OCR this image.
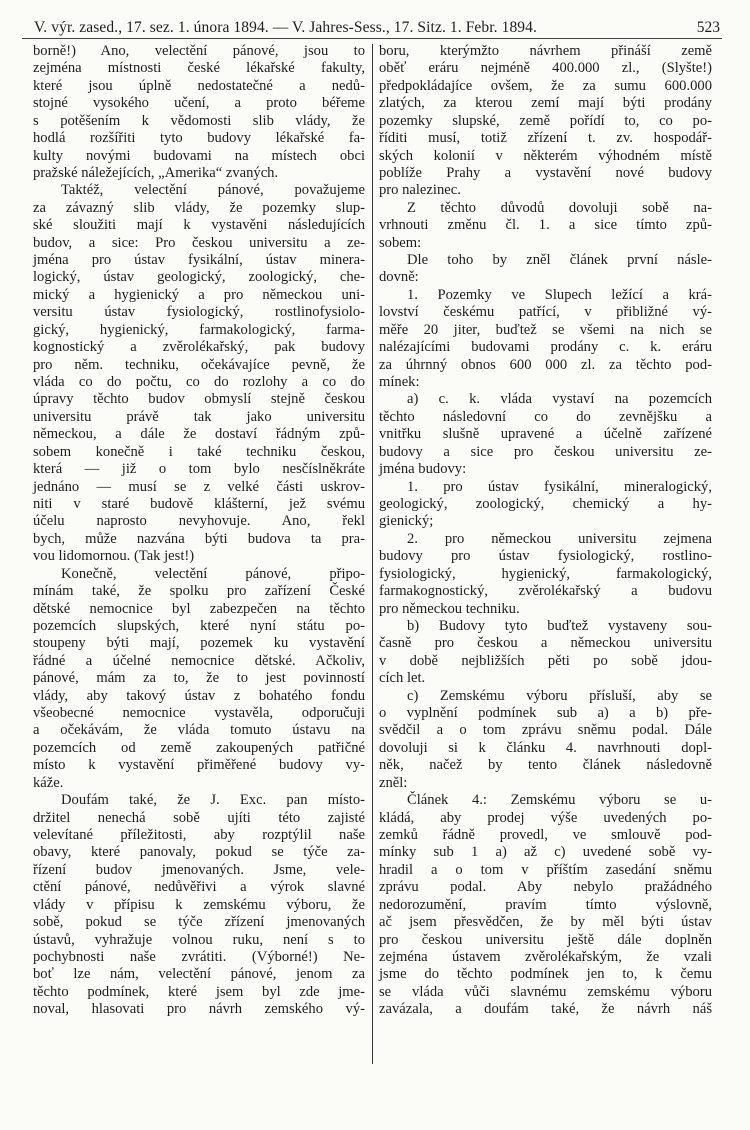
V. výr. zased., 17. sez. 1. února 1894. — V. Jahres-Sess., 17. Sitz. 1. Febr. 1894.	523
borně!) Ano, velectění pánové, jsou to
zejména místnosti české lékařské fakulty,
které jsou úplně nedostatečné a nedů-
stojné vysokého učení, a proto béřeme
s potěšením k vědomosti slib vlády, že
hodlá rozšířiti tyto budovy lékařské fa-
kulty novými budovami na místech obci
pražské náležejících, „Amerika“ zvaných.
Taktéž, velectění pánové, považujeme
za závazný slib vlády, že pozemky slup-
ské sloužiti mají k vystavěni následujících
budov, a sice: Pro českou universitu a ze-
jména pro ústav fysikální, ústav minera-
logický, ústav geologický, zoologický, che-
mický a hygienický a pro německou uni-
versitu ústav fysiologický, rostlinofysiolo-
gický, hygienický, farmakologický, farma-
kognostický a zvěrolékařský, pak budovy
pro něm. techniku, očekávajíce pevně, že
vláda co do počtu, co do rozlohy a co do
úpravy těchto budov obmyslí stejně českou
universitu právě tak jako universitu
německou, a dále že dostaví řádným způ-
sobem konečně i také techniku českou,
která — již o tom bylo nesčíslněkráte
jednáno — musí se z velké části uskrov-
niti v staré budově klášterní, jež svému
účelu naprosto nevyhovuje. Ano, řekl
bych, může nazvána býti budova ta pra-
vou lidomornou. (Tak jest!)
Konečně, velectění pánové, připo-
mínám také, že spolku pro zařízení České
dětské nemocnice byl zabezpečen na těchto
pozemcích slupských, které nyní státu po-
stoupeny býti mají, pozemek ku vystavění
řádné a účelné nemocnice dětské. Ačkoliv,
pánové, mám za to, že to jest povinností
vlády, aby takový ústav z bohatého fondu
všeobecné nemocnice vystavěla, odporučuji
a očekávám, že vláda tomuto ústavu na
pozemcích od země zakoupených patřičné
místo k vystavění přiměřené budovy vy-
káže.
Doufám také, že J. Exc. pan místo-
držitel nenechá sobě ujíti této zajisté
velevítané příležitosti, aby rozptýlil naše
obavy, které panovaly, pokud se týče za-
řízení budov jmenovaných. Jsme, vele-
ctění pánové, nedůvěřivi a výrok slavné
vlády v přípisu k zemskému výboru, že
sobě, pokud se týče zřízení jmenovaných
ústavů, vyhražuje volnou ruku, není s to
pochybnosti naše zvrátiti. (Výborné!) Ne-
boť lze nám, velectění pánové, jenom za
těchto podmínek, které jsem byl zde jme-
noval, hlasovati pro návrh zemského vý-
boru, kterýmžto návrhem přináší země
oběť eráru nejméně 400.000 zl., (Slyšte!)
předpokládajíce ovšem, že za sumu 600.000
zlatých, za kterou zemí mají býti prodány
pozemky slupské, země pořídí to, co po-
říditi musí, totiž zřízení t. zv. hospodář-
ských kolonií v některém výhodném místě
poblíže Prahy a vystavění nové budovy
pro nalezinec.
Z těchto důvodů dovoluji sobě na-
vrhnouti změnu čl. 1. a sice tímto způ-
sobem:
Dle toho by zněl článek první násle-
dovně:
1. Pozemky ve Slupech ležící a krá-
lovství českému patřící, v přibližné vý-
měře 20 jiter, buďtež se všemi na nich se
nalézajícími budovami prodány c. k. eráru
za úhrnný obnos 600 000 zl. za těchto pod-
mínek:
a) c. k. vláda vystaví na pozemcích
těchto následovní co do zevnějšku a
vnitřku slušně upravené a účelně zařízené
budovy a sice pro českou universitu ze-
jména budovy:
1. pro ústav fysikální, mineralogický,
geologický, zoologický, chemický a hy-
gienický;
2. pro německou universitu zejmena
budovy pro ústav fysiologický, rostlino-
fysiologický, hygienický, farmakologický,
farmakognostický, zvěrolékařský a budovu
pro německou techniku.
b) Budovy tyto buďtež vystaveny sou-
časně pro českou a německou universitu
v době nejbližších pěti po sobě jdou-
cích let.
c) Zemskému výboru přísluší, aby se
o vyplnění podmínek sub a) a b) pře-
svědčil a o tom zprávu sněmu podal. Dále
dovoluji si k článku 4. navrhnouti dopl-
něk, načež by tento článek následovně
zněl:
Článek 4.: Zemskému výboru se u-
kládá, aby prodej výše uvedených po-
zemků řádně provedl, ve smlouvě pod-
mínky sub 1 a) až c) uvedené sobě vy-
hradil a o tom v příštím zasedání sněmu
zprávu podal. Aby nebylo pražádného
nedorozumění, pravím tímto výslovně,
ač jsem přesvědčen, že by měl býti ústav
pro českou universitu ještě dále doplněn
zejména ústavem zvěrolékařským, že vzali
jsme do těchto podmínek jen to, k čemu
se vláda vůči slavnému zemskému výboru
zavázala, a doufám také, že návrh náš
